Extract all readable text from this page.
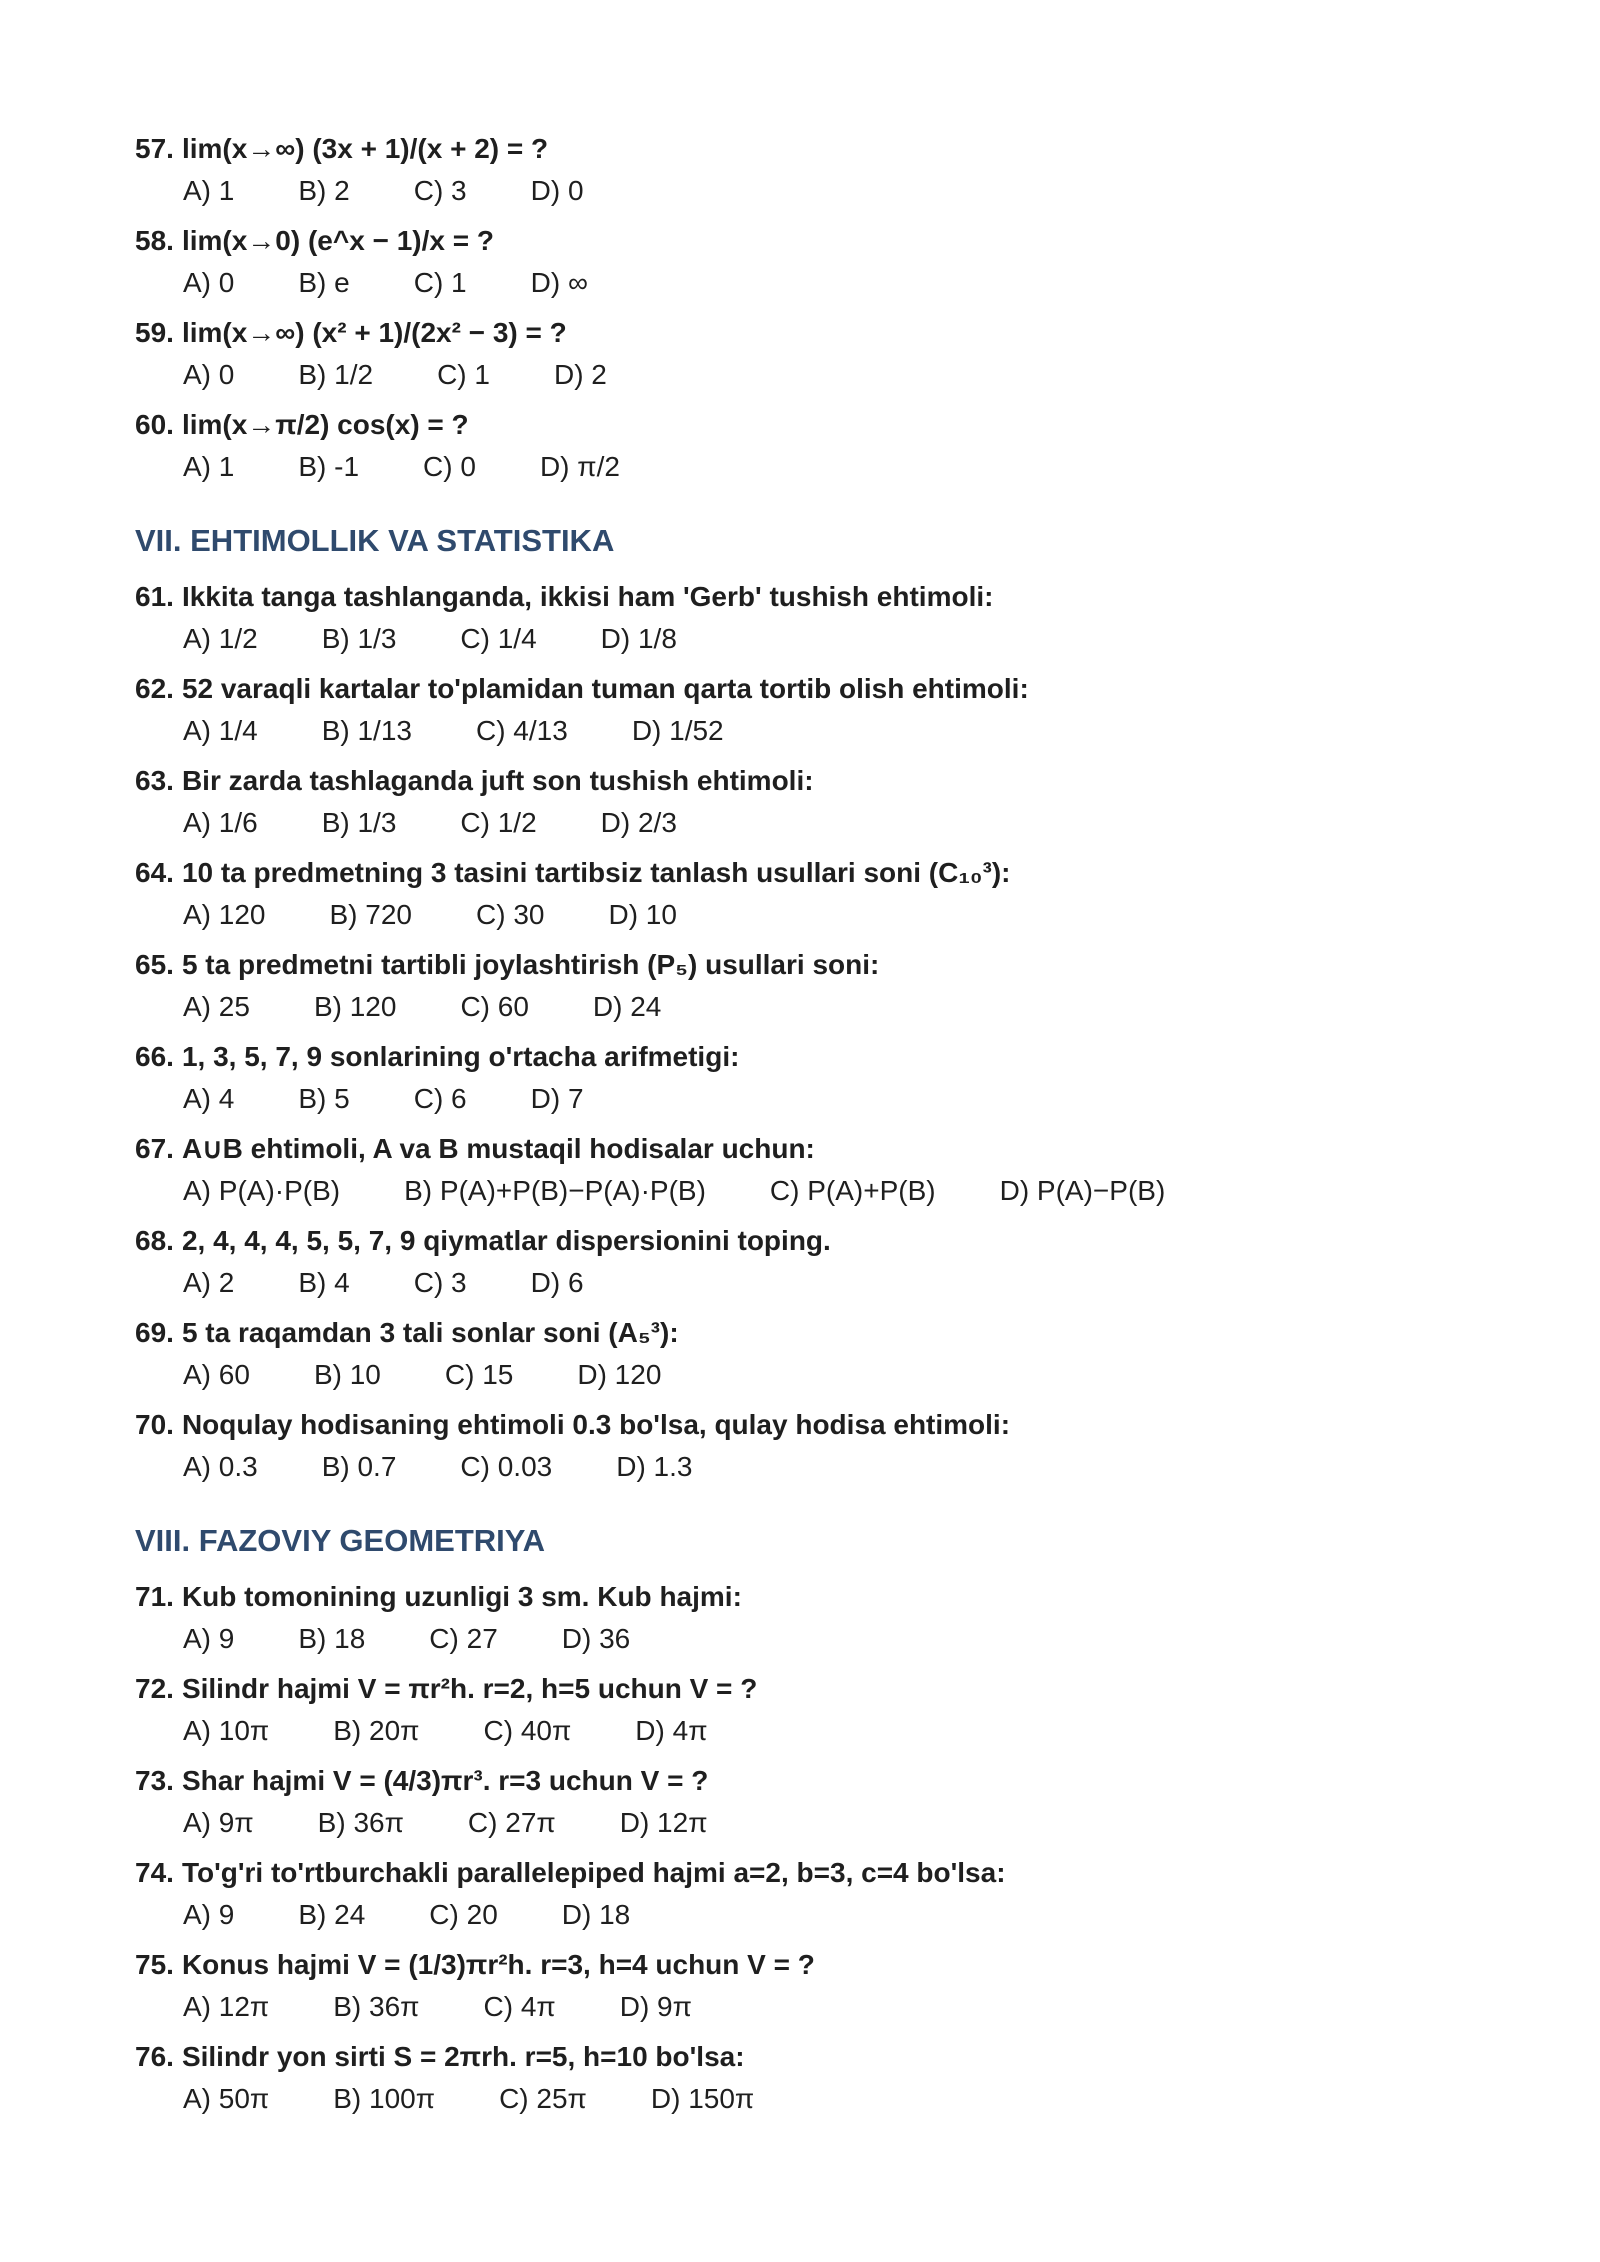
57. lim(x→∞) (3x + 1)/(x + 2) = ?
A) 1 B) 2 C) 3 D) 0
58. lim(x→0) (e^x − 1)/x = ?
A) 0 B) e C) 1 D) ∞
59. lim(x→∞) (x² + 1)/(2x² − 3) = ?
A) 0 B) 1/2 C) 1 D) 2
60. lim(x→π/2) cos(x) = ?
A) 1 B) -1 C) 0 D) π/2
VII. EHTIMOLLIK VA STATISTIKA
61. Ikkita tanga tashlanganda, ikkisi ham 'Gerb' tushish ehtimoli:
A) 1/2 B) 1/3 C) 1/4 D) 1/8
62. 52 varaqli kartalar to'plamidan tuman qarta tortib olish ehtimoli:
A) 1/4 B) 1/13 C) 4/13 D) 1/52
63. Bir zarda tashlaganda juft son tushish ehtimoli:
A) 1/6 B) 1/3 C) 1/2 D) 2/3
64. 10 ta predmetning 3 tasini tartibsiz tanlash usullari soni (C₁₀³):
A) 120 B) 720 C) 30 D) 10
65. 5 ta predmetni tartibli joylashtirish (P₅) usullari soni:
A) 25 B) 120 C) 60 D) 24
66. 1, 3, 5, 7, 9 sonlarining o'rtacha arifmetigi:
A) 4 B) 5 C) 6 D) 7
67. A∪B ehtimoli, A va B mustaqil hodisalar uchun:
A) P(A)·P(B) B) P(A)+P(B)−P(A)·P(B) C) P(A)+P(B) D) P(A)−P(B)
68. 2, 4, 4, 4, 5, 5, 7, 9 qiymatlar dispersionini toping.
A) 2 B) 4 C) 3 D) 6
69. 5 ta raqamdan 3 tali sonlar soni (A₅³):
A) 60 B) 10 C) 15 D) 120
70. Noqulay hodisaning ehtimoli 0.3 bo'lsa, qulay hodisa ehtimoli:
A) 0.3 B) 0.7 C) 0.03 D) 1.3
VIII. FAZOVIY GEOMETRIYA
71. Kub tomonining uzunligi 3 sm. Kub hajmi:
A) 9 B) 18 C) 27 D) 36
72. Silindr hajmi V = πr²h. r=2, h=5 uchun V = ?
A) 10π B) 20π C) 40π D) 4π
73. Shar hajmi V = (4/3)πr³. r=3 uchun V = ?
A) 9π B) 36π C) 27π D) 12π
74. To'g'ri to'rtburchakli parallelepiped hajmi a=2, b=3, c=4 bo'lsa:
A) 9 B) 24 C) 20 D) 18
75. Konus hajmi V = (1/3)πr²h. r=3, h=4 uchun V = ?
A) 12π B) 36π C) 4π D) 9π
76. Silindr yon sirti S = 2πrh. r=5, h=10 bo'lsa:
A) 50π B) 100π C) 25π D) 150π
